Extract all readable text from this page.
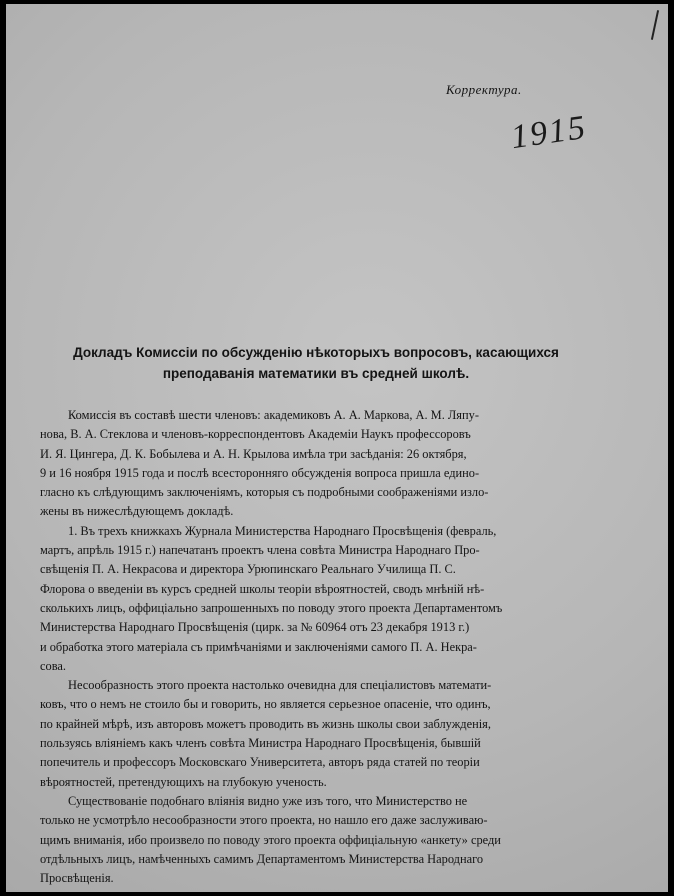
Корректура.
1915
Докладъ Комиссіи по обсужденію нѣкоторыхъ вопросовъ, касающихся
преподаванія математики въ средней школѣ.
Комиссія въ составѣ шести членовъ: академиковъ А. А. Маркова, А. М. Ляпу-
нова, В. А. Стеклова и членовъ-корреспондентовъ Академіи Наукъ профессоровъ
И. Я. Цингера, Д. К. Бобылева и А. Н. Крылова имѣла три засѣданія: 26 октября,
9 и 16 ноября 1915 года и послѣ всесторонняго обсужденія вопроса пришла едино-
гласно къ слѣдующимъ заключеніямъ, которыя съ подробными соображеніями изло-
жены въ нижеслѣдующемъ докладѣ.
1. Въ трехъ книжкахъ Журнала Министерства Народнаго Просвѣщенія (февраль,
мартъ, апрѣль 1915 г.) напечатанъ проектъ члена совѣта Министра Народнаго Про-
свѣщенія П. А. Некрасова и директора Урюпинскаго Реальнаго Училища П. С.
Флорова о введеніи въ курсъ средней школы теоріи вѣроятностей, сводъ мнѣній нѣ-
сколькихъ лицъ, оффиціально запрошенныхъ по поводу этого проекта Департаментомъ
Министерства Народнаго Просвѣщенія (цирк. за № 60964 отъ 23 декабря 1913 г.)
и обработка этого матеріала съ примѣчаніями и заключеніями самого П. А. Некра-
сова.
Несообразность этого проекта настолько очевидна для спеціалистовъ математи-
ковъ, что о немъ не стоило бы и говорить, но является серьезное опасеніе, что одинъ,
по крайней мѣрѣ, изъ авторовъ можетъ проводить въ жизнь школы свои заблужденія,
пользуясь вліяніемъ какъ членъ совѣта Министра Народнаго Просвѣщенія, бывшій
попечитель и профессоръ Московскаго Университета, авторъ ряда статей по теоріи
вѣроятностей, претендующихъ на глубокую ученость.
Существованіе подобнаго вліянія видно уже изъ того, что Министерство не
только не усмотрѣло несообразности этого проекта, но нашло его даже заслуживаю-
щимъ вниманія, ибо произвело по поводу этого проекта оффиціальную «анкету» среди
отдѣльныхъ лицъ, намѣченныхъ самимъ Департаментомъ Министерства Народнаго
Просвѣщенія.
